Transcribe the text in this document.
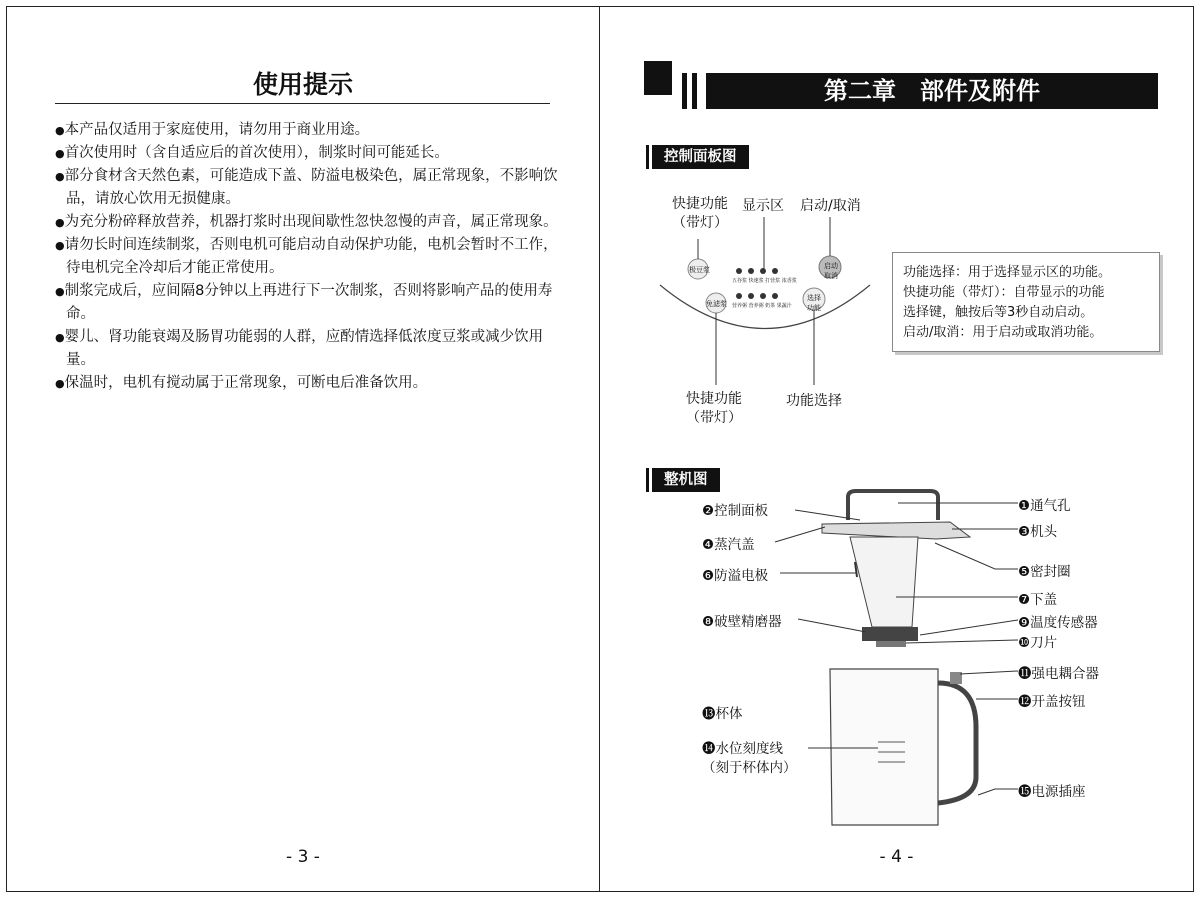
使用提示
●本产品仅适用于家庭使用，请勿用于商业用途。
●首次使用时（含自适应后的首次使用），制浆时间可能延长。
●部分食材含天然色素，可能造成下盖、防溢电极染色，属正常现象，不影响饮品，请放心饮用无损健康。
●为充分粉碎释放营养，机器打浆时出现间歇性忽快忽慢的声音，属正常现象。
●请勿长时间连续制浆，否则电机可能启动自动保护功能，电机会暂时不工作，待电机完全冷却后才能正常使用。
●制浆完成后，应间隔8分钟以上再进行下一次制浆，否则将影响产品的使用寿命。
●婴儿、肾功能衰竭及肠胃功能弱的人群，应酌情选择低浓度豆浆或减少饮用量。
●保温时，电机有搅动属于正常现象，可断电后准备饮用。
- 3 -
第二章　部件及附件
控制面板图
极豆浆
免滤浆
启动
取消
选择
功能
五谷浆 快速浆 打营浆 浓香浆
营养粥 营养粥 奶茶 果蔬汁
快捷功能
（带灯）
显示区 启动/取消
快捷功能
（带灯）
功能选择
功能选择：用于选择显示区的功能。
快捷功能（带灯）：自带显示的功能
选择键，触按后等3秒自动启动。
启动/取消：用于启动或取消功能。
整机图
❷控制面板
❹蒸汽盖
❻防溢电极
❽破壁精磨器
⓭杯体
⓮水位刻度线
（刻于杯体内）
❶通气孔
❸机头
❺密封圈
❼下盖
❾温度传感器
❿刀片
⓫强电耦合器
⓬开盖按钮
⓯电源插座
- 4 -
